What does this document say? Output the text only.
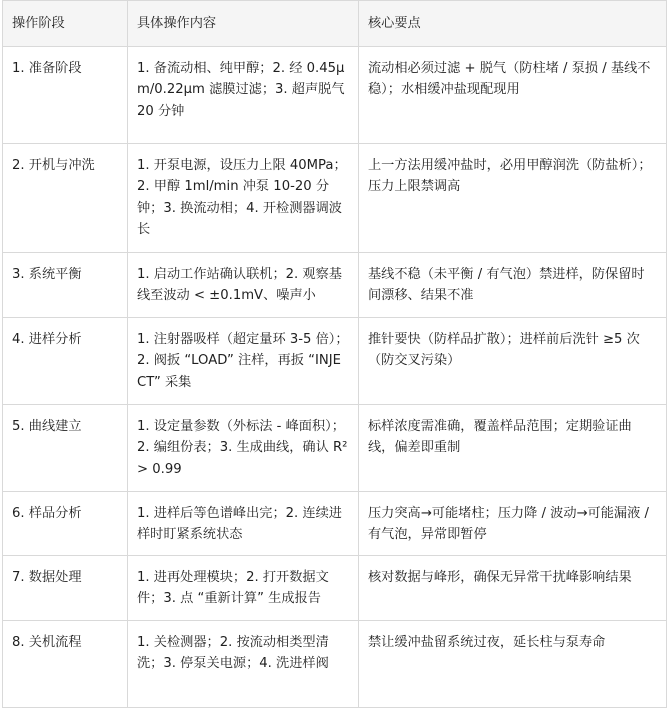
操作阶段	具体操作内容	核心要点
1. 准备阶段	1. 备流动相、纯甲醇；2. 经 0.45μm/0.22μm 滤膜过滤；3. 超声脱气 20 分钟	流动相必须过滤 + 脱气（防柱堵 / 泵损 / 基线不稳）；水相缓冲盐现配现用
2. 开机与冲洗	1. 开泵电源，设压力上限 40MPa；2. 甲醇 1ml/min 冲泵 10-20 分钟；3. 换流动相；4. 开检测器调波长	上一方法用缓冲盐时，必用甲醇润洗（防盐析）；压力上限禁调高
3. 系统平衡	1. 启动工作站确认联机；2. 观察基线至波动 < ±0.1mV、噪声小	基线不稳（未平衡 / 有气泡）禁进样，防保留时间漂移、结果不准
4. 进样分析	1. 注射器吸样（超定量环 3-5 倍）；2. 阀扳 “LOAD” 注样，再扳 “INJECT” 采集	推针要快（防样品扩散）；进样前后洗针 ≥5 次（防交叉污染）
5. 曲线建立	1. 设定量参数（外标法 - 峰面积）；2. 编组份表；3. 生成曲线，确认 R² > 0.99	标样浓度需准确，覆盖样品范围；定期验证曲线，偏差即重制
6. 样品分析	1. 进样后等色谱峰出完；2. 连续进样时盯紧系统状态	压力突高→可能堵柱；压力降 / 波动→可能漏液 / 有气泡，异常即暂停
7. 数据处理	1. 进再处理模块；2. 打开数据文件；3. 点 “重新计算” 生成报告	核对数据与峰形，确保无异常干扰峰影响结果
8. 关机流程	1. 关检测器；2. 按流动相类型清洗；3. 停泵关电源；4. 洗进样阀	禁让缓冲盐留系统过夜，延长柱与泵寿命
